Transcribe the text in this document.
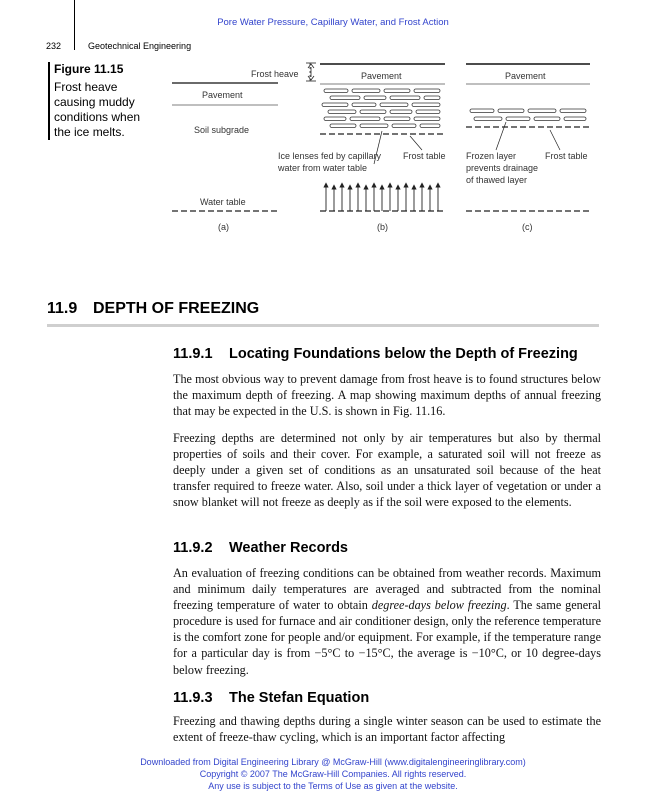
Pore Water Pressure, Capillary Water, and Frost Action
232	Geotechnical Engineering
Figure 11.15
Frost heave causing muddy conditions when the ice melts.
Pavement
Soil subgrade
Water table
(a)
Frost heave	Pavement
Ice lenses fed by capillary
water from water table
Frost table
(b)
Pavement
Frozen layer
prevents drainage
of thawed layer
Frost table
(c)
11.9 DEPTH OF FREEZING
11.9.1 Locating Foundations below the Depth of Freezing

The most obvious way to prevent damage from frost heave is to found structures below the maximum depth of freezing. A map showing maximum depths of annual freezing that may be expected in the U.S. is shown in Fig. 11.16.

Freezing depths are determined not only by air temperatures but also by thermal properties of soils and their cover. For example, a saturated soil will not freeze as deeply under a given set of conditions as an unsaturated soil because of the heat transfer required to freeze water. Also, soil under a thick layer of vegetation or under a snow blanket will not freeze as deeply as if the soil were exposed to the elements.

11.9.2 Weather Records

An evaluation of freezing conditions can be obtained from weather records. Maximum and minimum daily temperatures are averaged and subtracted from the nominal freezing temperature of water to obtain degree-days below freezing. The same general procedure is used for furnace and air conditioner design, only the reference temperature is the comfort zone for people and/or equipment. For example, if the temperature range for a particular day is from −5°C to −15°C, the average is −10°C, or 10 degree-days below freezing.

11.9.3 The Stefan Equation

Freezing and thawing depths during a single winter season can be used to estimate the extent of freeze-thaw cycling, which is an important factor affecting

Downloaded from Digital Engineering Library @ McGraw-Hill (www.digitalengineeringlibrary.com)
Copyright © 2007 The McGraw-Hill Companies. All rights reserved.
Any use is subject to the Terms of Use as given at the website.
